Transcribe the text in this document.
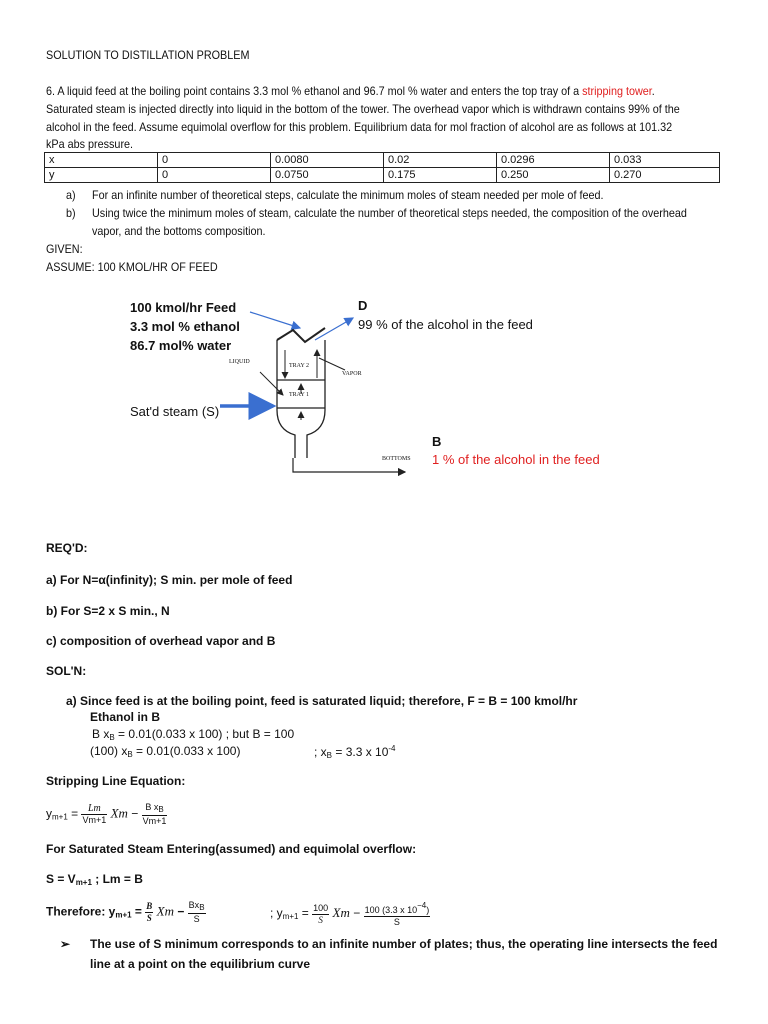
SOLUTION TO DISTILLATION PROBLEM
6. A liquid feed at the boiling point contains 3.3 mol % ethanol and 96.7 mol % water and enters the top tray of a stripping tower.
Saturated steam is injected directly into liquid in the bottom of the tower. The overhead vapor which is withdrawn contains 99% of the
alcohol in the feed. Assume equimolal overflow for this problem. Equilibrium data for mol fraction of alcohol are as follows at 101.32
kPa abs pressure.
x	0	0.0080	0.02	0.0296	0.033
y	0	0.0750	0.175	0.250	0.270
a) For an infinite number of theoretical steps, calculate the minimum moles of steam needed per mole of feed.
b) Using twice the minimum moles of steam, calculate the number of theoretical steps needed, the composition of the overhead
vapor, and the bottoms composition.
GIVEN:
ASSUME: 100 KMOL/HR OF FEED
100 kmol/hr Feed
3.3 mol % ethanol
86.7 mol% water
D
99 % of the alcohol in the feed
LIQUID
TRAY 2
TRAY 1
VAPOR
Sat'd steam (S)
B
BOTTOMS 1 % of the alcohol in the feed
REQ'D:
a) For N=α(infinity); S min. per mole of feed
b) For S=2 x S min., N
c) composition of overhead vapor and B
SOL'N:
a) Since feed is at the boiling point, feed is saturated liquid; therefore, F = B = 100 kmol/hr
Ethanol in B
B $x_B = 0.01(0.033$ x 100) ; but B = 100
(100) $x_B = 0.01(0.033$ x 100)	; $x_B = 3.3$ x $10^{-4}$
Stripping Line Equation:
$y_{m+1} = \frac{Lm}{Vm+1}$ $Xm - \frac{\text{B xB}}{Vm+1}$
For Saturated Steam Entering(assumed) and equimolal overflow:
$S = V_{m+1}$ ; Lm = B
Therefore: $y_{m+1} = \frac{B}{S}$ $Xm - \frac{\text{BxB}}{S}$	; $y_{m+1} = \frac{100}{S}$ $Xm - \frac{100 (3.3 x 10-4)}{S}$
➢ The use of S minimum corresponds to an infinite number of plates; thus, the operating line intersects the feed
line at a point on the equilibrium curve
